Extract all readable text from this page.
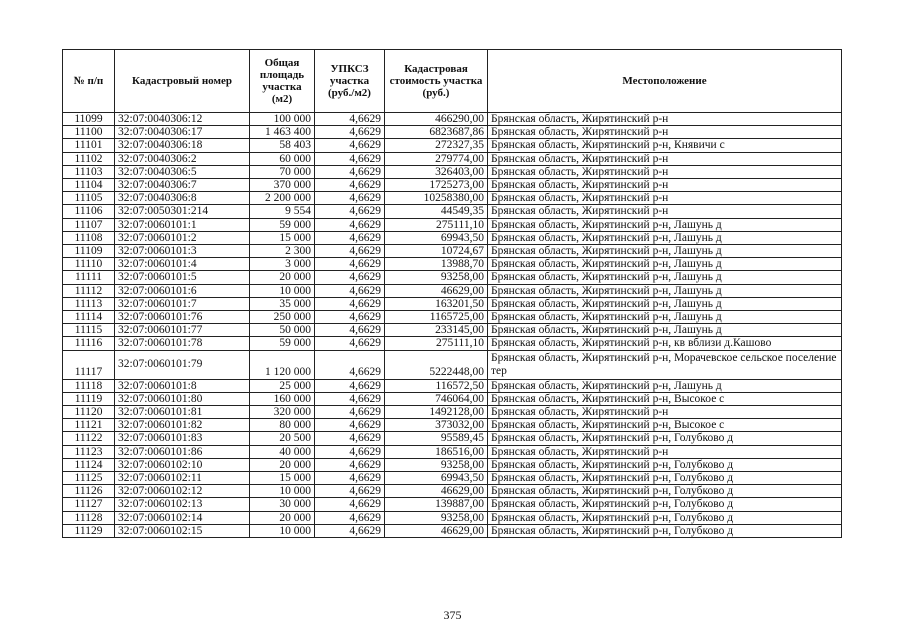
№ п/п	Кадастровый номер	Общая площадь участка (м2)	УПКСЗ участка (руб./м2)	Кадастровая стоимость участка (руб.)	Местоположение
11099	32:07:0040306:12	100 000	4,6629	466290,00	Брянская область, Жирятинский р-н
11100	32:07:0040306:17	1 463 400	4,6629	6823687,86	Брянская область, Жирятинский р-н
11101	32:07:0040306:18	58 403	4,6629	272327,35	Брянская область, Жирятинский р-н, Княвичи с
11102	32:07:0040306:2	60 000	4,6629	279774,00	Брянская область, Жирятинский р-н
11103	32:07:0040306:5	70 000	4,6629	326403,00	Брянская область, Жирятинский р-н
11104	32:07:0040306:7	370 000	4,6629	1725273,00	Брянская область, Жирятинский р-н
11105	32:07:0040306:8	2 200 000	4,6629	10258380,00	Брянская область, Жирятинский р-н
11106	32:07:0050301:214	9 554	4,6629	44549,35	Брянская область, Жирятинский р-н
11107	32:07:0060101:1	59 000	4,6629	275111,10	Брянская область, Жирятинский р-н, Лашунь д
11108	32:07:0060101:2	15 000	4,6629	69943,50	Брянская область, Жирятинский р-н, Лашунь д
11109	32:07:0060101:3	2 300	4,6629	10724,67	Брянская область, Жирятинский р-н, Лашунь д
11110	32:07:0060101:4	3 000	4,6629	13988,70	Брянская область, Жирятинский р-н, Лашунь д
11111	32:07:0060101:5	20 000	4,6629	93258,00	Брянская область, Жирятинский р-н, Лашунь д
11112	32:07:0060101:6	10 000	4,6629	46629,00	Брянская область, Жирятинский р-н, Лашунь д
11113	32:07:0060101:7	35 000	4,6629	163201,50	Брянская область, Жирятинский р-н, Лашунь д
11114	32:07:0060101:76	250 000	4,6629	1165725,00	Брянская область, Жирятинский р-н, Лашунь д
11115	32:07:0060101:77	50 000	4,6629	233145,00	Брянская область, Жирятинский р-н, Лашунь д
11116	32:07:0060101:78	59 000	4,6629	275111,10	Брянская область, Жирятинский р-н, кв вблизи д.Кашово
11117	32:07:0060101:79	1 120 000	4,6629	5222448,00	Брянская область, Жирятинский р-н, Морачевское сельское поселение тер
11118	32:07:0060101:8	25 000	4,6629	116572,50	Брянская область, Жирятинский р-н, Лашунь д
11119	32:07:0060101:80	160 000	4,6629	746064,00	Брянская область, Жирятинский р-н, Высокое с
11120	32:07:0060101:81	320 000	4,6629	1492128,00	Брянская область, Жирятинский р-н
11121	32:07:0060101:82	80 000	4,6629	373032,00	Брянская область, Жирятинский р-н, Высокое с
11122	32:07:0060101:83	20 500	4,6629	95589,45	Брянская область, Жирятинский р-н, Голубково д
11123	32:07:0060101:86	40 000	4,6629	186516,00	Брянская область, Жирятинский р-н
11124	32:07:0060102:10	20 000	4,6629	93258,00	Брянская область, Жирятинский р-н, Голубково д
11125	32:07:0060102:11	15 000	4,6629	69943,50	Брянская область, Жирятинский р-н, Голубково д
11126	32:07:0060102:12	10 000	4,6629	46629,00	Брянская область, Жирятинский р-н, Голубково д
11127	32:07:0060102:13	30 000	4,6629	139887,00	Брянская область, Жирятинский р-н, Голубково д
11128	32:07:0060102:14	20 000	4,6629	93258,00	Брянская область, Жирятинский р-н, Голубково д
11129	32:07:0060102:15	10 000	4,6629	46629,00	Брянская область, Жирятинский р-н, Голубково д
375
